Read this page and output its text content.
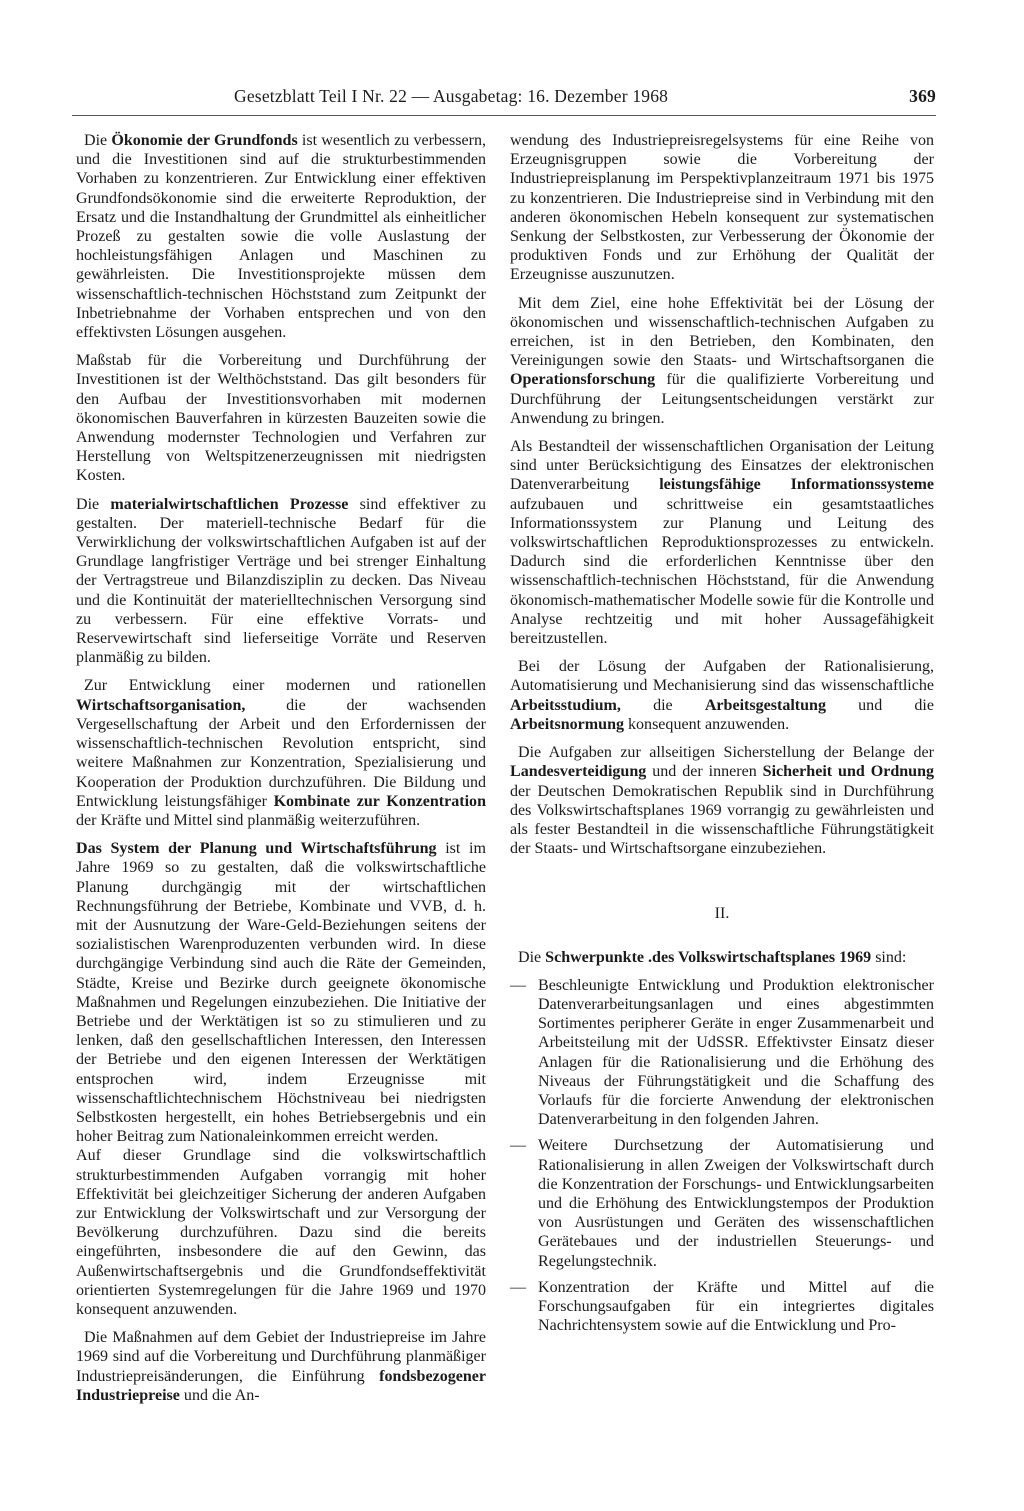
Gesetzblatt Teil I Nr. 22 — Ausgabetag: 16. Dezember 1968	369

Die Ökonomie der Grundfonds ist wesentlich zu verbessern, und die Investitionen sind auf die strukturbestimmenden Vorhaben zu konzentrieren. Zur Entwicklung einer effektiven Grundfondsökonomie sind die erweiterte Reproduktion, der Ersatz und die Instandhaltung der Grundmittel als einheitlicher Prozeß zu gestalten sowie die volle Auslastung der hochleistungsfähigen Anlagen und Maschinen zu gewährleisten. Die Investitionsprojekte müssen dem wissenschaftlich-technischen Höchststand zum Zeitpunkt der Inbetriebnahme der Vorhaben entsprechen und von den effektivsten Lösungen ausgehen.

Maßstab für die Vorbereitung und Durchführung der Investitionen ist der Welthöchststand. Das gilt besonders für den Aufbau der Investitionsvorhaben mit modernen ökonomischen Bauverfahren in kürzesten Bauzeiten sowie die Anwendung modernster Technologien und Verfahren zur Herstellung von Weltspitzenerzeugnissen mit niedrigsten Kosten.

Die materialwirtschaftlichen Prozesse sind effektiver zu gestalten. Der materiell-technische Bedarf für die Verwirklichung der volkswirtschaftlichen Aufgaben ist auf der Grundlage langfristiger Verträge und bei strenger Einhaltung der Vertragstreue und Bilanzdisziplin zu decken. Das Niveau und die Kontinuität der materielltechnischen Versorgung sind zu verbessern. Für eine effektive Vorrats- und Reservewirtschaft sind lieferseitige Vorräte und Reserven planmäßig zu bilden.

Zur Entwicklung einer modernen und rationellen Wirtschaftsorganisation, die der wachsenden Vergesellschaftung der Arbeit und den Erfordernissen der wissenschaftlich-technischen Revolution entspricht, sind weitere Maßnahmen zur Konzentration, Spezialisierung und Kooperation der Produktion durchzuführen. Die Bildung und Entwicklung leistungsfähiger Kombinate zur Konzentration der Kräfte und Mittel sind planmäßig weiterzuführen.

Das System der Planung und Wirtschaftsführung ist im Jahre 1969 so zu gestalten, daß die volkswirtschaftliche Planung durchgängig mit der wirtschaftlichen Rechnungsführung der Betriebe, Kombinate und VVB, d. h. mit der Ausnutzung der Ware-Geld-Beziehungen seitens der sozialistischen Warenproduzenten verbunden wird. In diese durchgängige Verbindung sind auch die Räte der Gemeinden, Städte, Kreise und Bezirke durch geeignete ökonomische Maßnahmen und Regelungen einzubeziehen. Die Initiative der Betriebe und der Werktätigen ist so zu stimulieren und zu lenken, daß den gesellschaftlichen Interessen, den Interessen der Betriebe und den eigenen Interessen der Werktätigen entsprochen wird, indem Erzeugnisse mit wissenschaftlichtechnischem Höchstniveau bei niedrigsten Selbstkosten hergestellt, ein hohes Betriebsergebnis und ein hoher Beitrag zum Nationaleinkommen erreicht werden.

Auf dieser Grundlage sind die volkswirtschaftlich strukturbestimmenden Aufgaben vorrangig mit hoher Effektivität bei gleichzeitiger Sicherung der anderen Aufgaben zur Entwicklung der Volkswirtschaft und zur Versorgung der Bevölkerung durchzuführen. Dazu sind die bereits eingeführten, insbesondere die auf den Gewinn, das Außenwirtschaftsergebnis und die Grundfondseffektivität orientierten Systemregelungen für die Jahre 1969 und 1970 konsequent anzuwenden.

Die Maßnahmen auf dem Gebiet der Industriepreise im Jahre 1969 sind auf die Vorbereitung und Durchführung planmäßiger Industriepreisänderungen, die Einführung fondsbezogener Industriepreise und die An-

wendung des Industriepreisregelsystems für eine Reihe von Erzeugnisgruppen sowie die Vorbereitung der Industriepreisplanung im Perspektivplanzeitraum 1971 bis 1975 zu konzentrieren. Die Industriepreise sind in Verbindung mit den anderen ökonomischen Hebeln konsequent zur systematischen Senkung der Selbstkosten, zur Verbesserung der Ökonomie der produktiven Fonds und zur Erhöhung der Qualität der Erzeugnisse auszunutzen.

Mit dem Ziel, eine hohe Effektivität bei der Lösung der ökonomischen und wissenschaftlich-technischen Aufgaben zu erreichen, ist in den Betrieben, den Kombinaten, den Vereinigungen sowie den Staats- und Wirtschaftsorganen die Operationsforschung für die qualifizierte Vorbereitung und Durchführung der Leitungsentscheidungen verstärkt zur Anwendung zu bringen.

Als Bestandteil der wissenschaftlichen Organisation der Leitung sind unter Berücksichtigung des Einsatzes der elektronischen Datenverarbeitung leistungsfähige Informationssysteme aufzubauen und schrittweise ein gesamtstaatliches Informationssystem zur Planung und Leitung des volkswirtschaftlichen Reproduktionsprozesses zu entwickeln. Dadurch sind die erforderlichen Kenntnisse über den wissenschaftlich-technischen Höchststand, für die Anwendung ökonomisch-mathematischer Modelle sowie für die Kontrolle und Analyse rechtzeitig und mit hoher Aussagefähigkeit bereitzustellen.

Bei der Lösung der Aufgaben der Rationalisierung, Automatisierung und Mechanisierung sind das wissenschaftliche Arbeitsstudium, die Arbeitsgestaltung und die Arbeitsnormung konsequent anzuwenden.

Die Aufgaben zur allseitigen Sicherstellung der Belange der Landesverteidigung und der inneren Sicherheit und Ordnung der Deutschen Demokratischen Republik sind in Durchführung des Volkswirtschaftsplanes 1969 vorrangig zu gewährleisten und als fester Bestandteil in die wissenschaftliche Führungstätigkeit der Staats- und Wirtschaftsorgane einzubeziehen.

II.

Die Schwerpunkte .des Volkswirtschaftsplanes 1969 sind:

— Beschleunigte Entwicklung und Produktion elektronischer Datenverarbeitungsanlagen und eines abgestimmten Sortimentes peripherer Geräte in enger Zusammenarbeit und Arbeitsteilung mit der UdSSR. Effektivster Einsatz dieser Anlagen für die Rationalisierung und die Erhöhung des Niveaus der Führungstätigkeit und die Schaffung des Vorlaufs für die forcierte Anwendung der elektronischen Datenverarbeitung in den folgenden Jahren.
— Weitere Durchsetzung der Automatisierung und Rationalisierung in allen Zweigen der Volkswirtschaft durch die Konzentration der Forschungs- und Entwicklungsarbeiten und die Erhöhung des Entwicklungstempos der Produktion von Ausrüstungen und Geräten des wissenschaftlichen Gerätebaues und der industriellen Steuerungs- und Regelungstechnik.
— Konzentration der Kräfte und Mittel auf die Forschungsaufgaben für ein integriertes digitales Nachrichtensystem sowie auf die Entwicklung und Pro-
